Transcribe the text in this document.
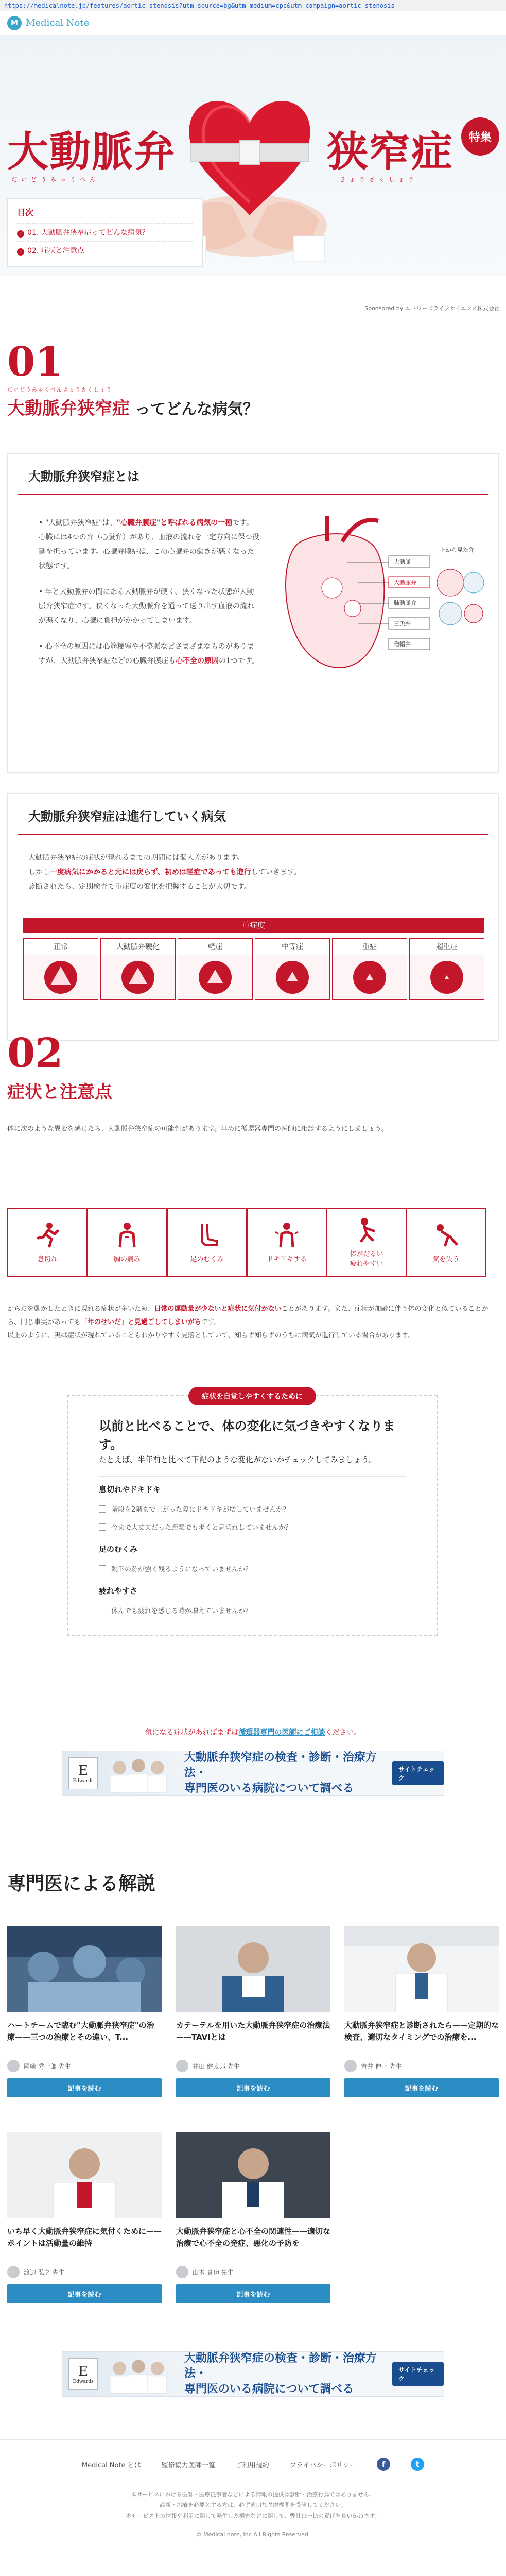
https://medicalnote.jp/features/aortic_stenosis?utm_source=bg&utm_medium=cpc&utm_campaign=aortic_stenosis
M Medical Note
大動脈弁
だいどうみゃくべん
狭窄症
きょうさくしょう
特集
目次
› 01. 大動脈弁狭窄症ってどんな病気？
› 02. 症状と注意点
Sponsored by エドワーズライフサイエンス株式会社
01
だいどうみゃくべんきょうさくしょう
大動脈弁狭窄症 ってどんな病気？
大動脈弁狭窄症とは

• "大動脈弁狭窄症"は、"心臓弁膜症"と呼ばれる病気の一種です。心臓には4つの弁（心臓弁）があり、血液の流れを一定方向に保つ役割を担っています。心臓弁膜症は、この心臓弁の働きが悪くなった状態です。

• 年と大動脈弁の間にある大動脈弁が硬く、狭くなった状態が大動脈弁狭窄症です。狭くなった大動脈弁を通って送り出す血液の流れが悪くなり、心臓に負担がかかってしまいます。

• 心不全の原因には心筋梗塞や不整脈などさまざまなものがありますが、大動脈弁狭窄症などの心臓弁膜症も心不全の原因の1つです。

大動脈
大動脈弁
肺動脈弁
三尖弁
僧帽弁
上から見た弁
大動脈弁狭窄症は進行していく病気

大動脈弁狭窄症の症状が現れるまでの期間には個人差があります。

しかし一度病気にかかると元には戻らず、初めは軽症であっても進行していきます。

診断されたら、定期検査で重症度の変化を把握することが大切です。

重症度
正常	大動脈弁硬化	軽症	中等症	重症	超重症
02
症状と注意点

体に次のような異変を感じたら、大動脈弁狭窄症の可能性があります。早めに循環器専門の医師に相談するようにしましょう。

息切れ	胸の痛み	足のむくみ	ドキドキする
体がだるい
疲れやすい
気を失う

からだを動かしたときに現れる症状が多いため、日常の運動量が少ないと症状に気付かないことがあります。また、症状が加齢に伴う体の変化と似ていることから、同じ事実があっても「年のせいだ」と見過ごしてしまいがちです。

以上のように、実は症状が現れていることもわかりやすく見落としていて、知らず知らずのうちに病気が進行している場合があります。

症状を自覚しやすくするために
以前と比べることで、体の変化に気づきやすくなります。
たとえば、半年前と比べて下記のような変化がないかチェックしてみましょう。
息切れやドキドキ
階段を2階まで上がった際にドキドキが増していませんか？
今まで大丈夫だった距離でも歩くと息切れしていませんか？
足のむくみ
靴下の跡が強く残るようになっていませんか？
疲れやすさ
休んでも疲れを感じる時が増えていませんか？
気になる症状があればまずは循環器専門の医師にご相談ください。
E
Edwards
大動脈弁狭窄症の検査・診断・治療方法・
専門医のいる病院について調べる
サイトチェック
専門医による解説
ハートチームで臨む"大動脈弁狭窄症"の治療——三つの治療とその違い、T...
岡崎 秀一郎 先生
記事を読む
カテーテルを用いた大動脈弁狭窄症の治療法——TAVIとは
井田 健太郎 先生
記事を読む
大動脈弁狭窄症と診断されたら——定期的な検査、適切なタイミングでの治療を...
吉井 伸一 先生
記事を読む
いち早く大動脈弁狭窄症に気付くために——ポイントは活動量の維持
渡辺 弘之 先生
記事を読む
大動脈弁狭窄症と心不全の関連性——適切な治療で心不全の発症、悪化の予防を
山本 真功 先生
記事を読む
E
Edwards
大動脈弁狭窄症の検査・診断・治療方法・
専門医のいる病院について調べる
サイトチェック
Medical Note とは	監修協力医師一覧	ご利用規約	プライバシーポリシー	f	t
本サービスにおける医師・医療従事者などによる情報の提供は診断・治療行為ではありません。
診断・治療を必要とする方は、必ず適切な医療機関を受診してください。
本サービス上の情報や利用に関して発生した損害などに関して、弊社は一切の責任を負いかねます。
© Medical note, Inc All Rights Reserved.
